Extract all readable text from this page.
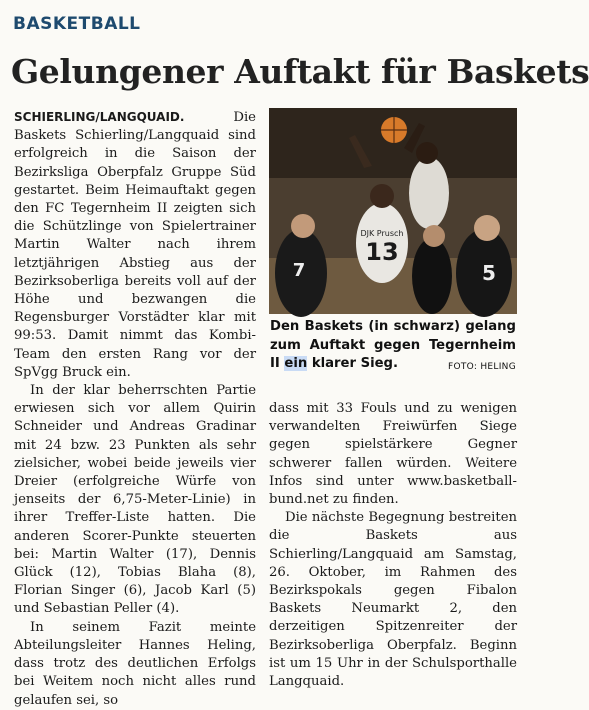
BASKETBALL
Gelungener Auftakt für Baskets

SCHIERLING/LANGQUAID. Die Baskets Schierling/Langquaid sind erfolgreich in die Saison der Bezirksliga Oberpfalz Gruppe Süd gestartet. Beim Heimauftakt gegen den FC Tegernheim II zeigten sich die Schützlinge von Spielertrainer Martin Walter nach ihrem letztjährigen Abstieg aus der Bezirksoberliga bereits voll auf der Höhe und bezwangen die Regensburger Vorstädter klar mit 99:53. Damit nimmt das Kombi-Team den ersten Rang vor der SpVgg Bruck ein.

In der klar beherrschten Partie erwiesen sich vor allem Quirin Schneider und Andreas Gradinar mit 24 bzw. 23 Punkten als sehr zielsicher, wobei beide jeweils vier Dreier (erfolgreiche Würfe von jenseits der 6,75-Meter-Linie) in ihrer Treffer-Liste hatten. Die anderen Scorer-Punkte steuerten bei: Martin Walter (17), Dennis Glück (12), Tobias Blaha (8), Florian Singer (6), Jacob Karl (5) und Sebastian Peller (4).

In seinem Fazit meinte Abteilungsleiter Hannes Heling, dass trotz des deutlichen Erfolgs bei Weitem noch nicht alles rund gelaufen sei, so

DJK Prusch
13
7	5
Den Baskets (in schwarz) gelang zum Auftakt gegen Tegernheim II ein klarer Sieg.	FOTO: HELING

dass mit 33 Fouls und zu wenigen verwandelten Freiwürfen Siege gegen spielstärkere Gegner schwerer fallen würden. Weitere Infos sind unter www.basketball-bund.net zu finden.

Die nächste Begegnung bestreiten die Baskets aus Schierling/Langquaid am Samstag, 26. Oktober, im Rahmen des Bezirkspokals gegen Fibalon Baskets Neumarkt 2, den derzeitigen Spitzenreiter der Bezirksoberliga Oberpfalz. Beginn ist um 15 Uhr in der Schulsporthalle Langquaid.
